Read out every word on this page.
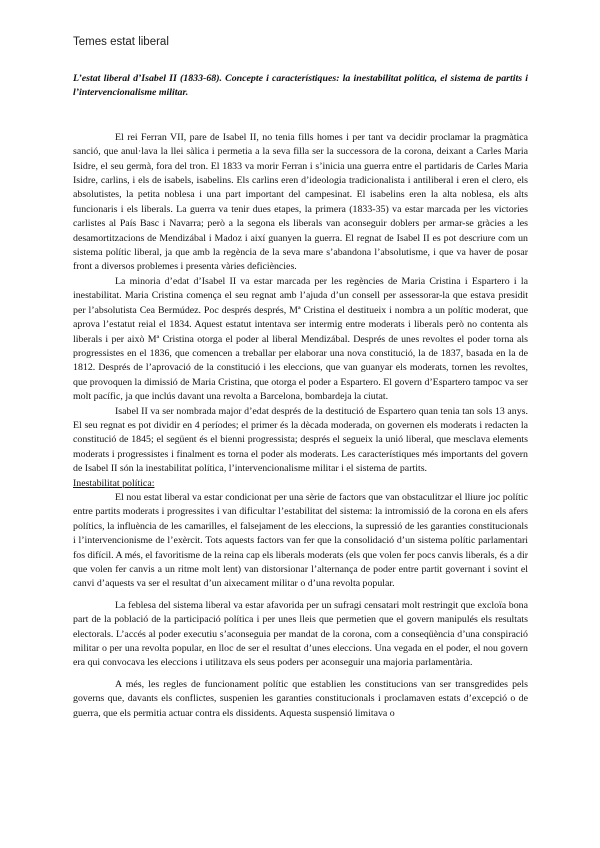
Temes estat liberal

L’estat liberal d’Isabel II (1833-68). Concepte i característiques: la inestabilitat política, el sistema de partits i l’intervencionalisme militar.

El rei Ferran VII, pare de Isabel II, no tenia fills homes i per tant va decidir proclamar la pragmàtica sanció, que anul·lava la llei sàlica i permetia a la seva filla ser la successora de la corona, deixant a Carles Maria Isidre, el seu germà, fora del tron. El 1833 va morir Ferran i s’inicia una guerra entre el partidaris de Carles Maria Isidre, carlins, i els de isabels, isabelins. Els carlins eren d’ideologia tradicionalista i antiliberal i eren el clero, els absolutistes, la petita noblesa i una part important del campesinat. El isabelins eren la alta noblesa, els alts funcionaris i els liberals. La guerra va tenir dues etapes, la primera (1833-35) va estar marcada per les victories carlistes al País Basc i Navarra; però a la segona els liberals van aconseguir doblers per armar-se gràcies a les desamortitzacions de Mendizábal i Madoz i així guanyen la guerra. El regnat de Isabel II es pot descriure com un sistema polític liberal, ja que amb la regència de la seva mare s’abandona l’absolutisme, i que va haver de posar front a diversos problemes i presenta vàries deficiències.

La minoria d’edat d’Isabel II va estar marcada per les regències de Maria Cristina i Espartero i la inestabilitat. Maria Cristina comença el seu regnat amb l’ajuda d’un consell per assessorar-la que estava presidit per l’absolutista Cea Bermúdez. Poc després després, Mª Cristina el destitueix i nombra a un polític moderat, que aprova l’estatut reial el 1834. Aquest estatut intentava ser intermig entre moderats i liberals però no contenta als liberals i per això Mª Cristina otorga el poder al liberal Mendizábal. Després de unes revoltes el poder torna als progressistes en el 1836, que comencen a treballar per elaborar una nova constitució, la de 1837, basada en la de 1812. Després de l’aprovació de la constitució i les eleccions, que van guanyar els moderats, tornen les revoltes, que provoquen la dimissió de Maria Cristina, que otorga el poder a Espartero. El govern d’Espartero tampoc va ser molt pacífic, ja que inclús davant una revolta a Barcelona, bombardeja la ciutat.

Isabel II va ser nombrada major d’edat després de la destitució de Espartero quan tenia tan sols 13 anys. El seu regnat es pot dividir en 4 períodes; el primer és la dècada moderada, on governen els moderats i redacten la constitució de 1845; el següent és el bienni progressista; després el segueix la unió liberal, que mesclava elements moderats i progressistes i finalment es torna el poder als moderats. Les característiques més importants del govern de Isabel II són la inestabilitat política, l’intervencionalisme militar i el sistema de partits.

Inestabilitat política:

El nou estat liberal va estar condicionat per una sèrie de factors que van obstaculitzar el lliure joc polític entre partits moderats i progressites i van dificultar l’estabilitat del sistema: la intromissió de la corona en els afers polítics, la influència de les camarilles, el falsejament de les eleccions, la supressió de les garanties constitucionals i l’intervencionisme de l’exèrcit. Tots aquests factors van fer que la consolidació d’un sistema polític parlamentari fos difícil. A més, el favoritisme de la reina cap els liberals moderats (els que volen fer pocs canvis liberals, és a dir que volen fer canvis a un ritme molt lent) van distorsionar l’alternança de poder entre partit governant i sovint el canvi d’aquests va ser el resultat d’un aixecament militar o d’una revolta popular.

La feblesa del sistema liberal va estar afavorida per un sufragi censatari molt restringit que excloïa bona part de la població de la participació política i per unes lleis que permetien que el govern manipulés els resultats electorals. L’accés al poder executiu s’aconseguia per mandat de la corona, com a conseqüència d’una conspiració militar o per una revolta popular, en lloc de ser el resultat d’unes eleccions. Una vegada en el poder, el nou govern era qui convocava les eleccions i utilitzava els seus poders per aconseguir una majoria parlamentària.

A més, les regles de funcionament polític que establien les constitucions van ser transgredides pels governs que, davants els conflictes, suspenien les garanties constitucionals i proclamaven estats d’excepció o de guerra, que els permitia actuar contra els dissidents. Aquesta suspensió limitava o
